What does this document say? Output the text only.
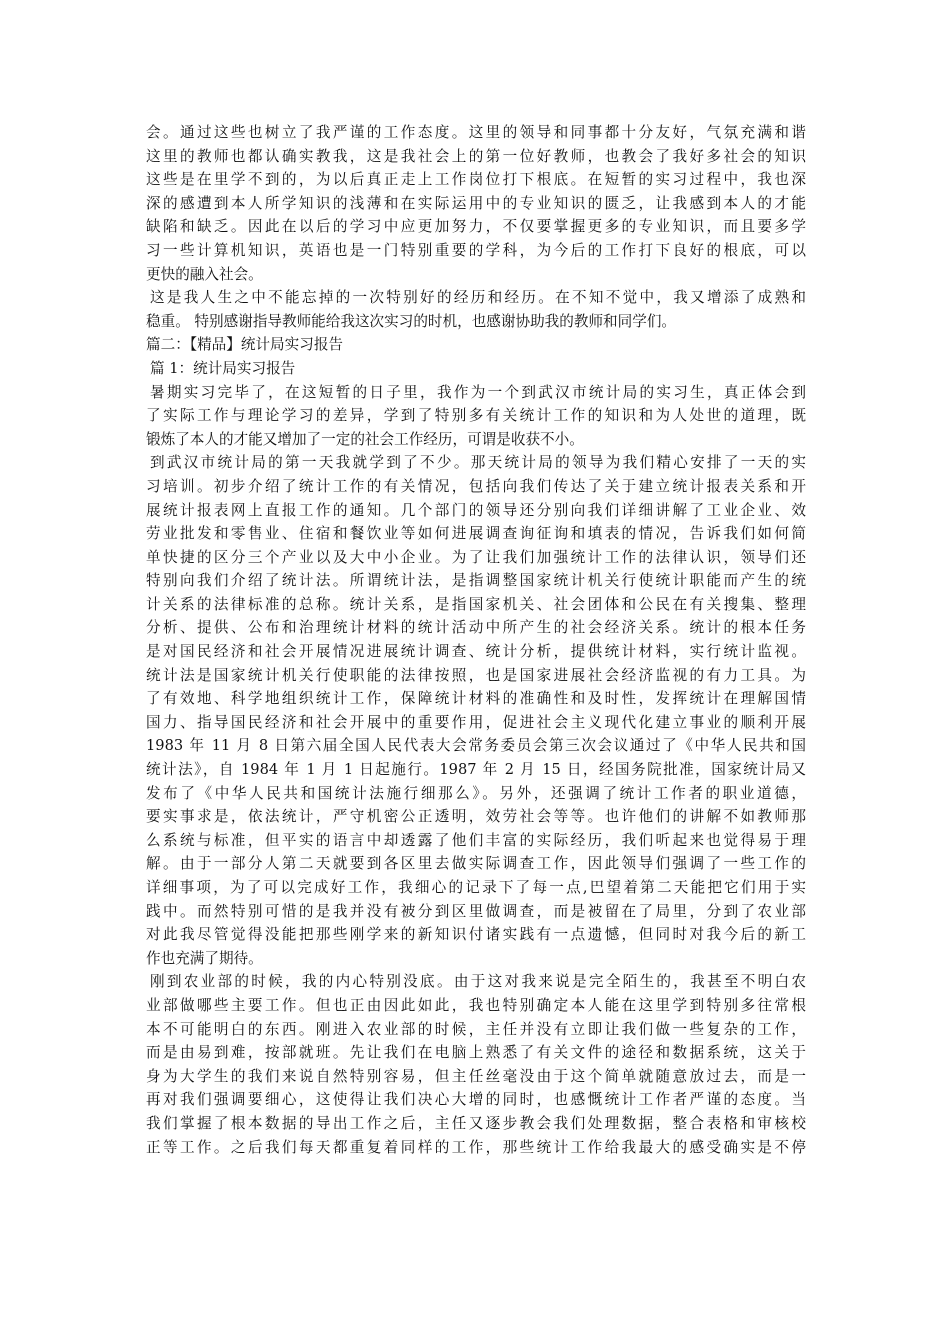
会。通过这些也树立了我严谨的工作态度。这里的领导和同事都十分友好，气氛充满和谐
这里的教师也都认确实教我，这是我社会上的第一位好教师，也教会了我好多社会的知识
这些是在里学不到的，为以后真正走上工作岗位打下根底。在短暂的实习过程中，我也深
深的感遭到本人所学知识的浅薄和在实际运用中的专业知识的匮乏，让我感到本人的才能
缺陷和缺乏。因此在以后的学习中应更加努力，不仅要掌握更多的专业知识，而且要多学
习一些计算机知识，英语也是一门特别重要的学科，为今后的工作打下良好的根底，可以
更快的融入社会。
这是我人生之中不能忘掉的一次特别好的经历和经历。在不知不觉中，我又增添了成熟和
稳重。 特别感谢指导教师能给我这次实习的时机，也感谢协助我的教师和同学们。
篇二：【精品】统计局实习报告
篇 1：统计局实习报告
暑期实习完毕了，在这短暂的日子里，我作为一个到武汉市统计局的实习生，真正体会到
了实际工作与理论学习的差异，学到了特别多有关统计工作的知识和为人处世的道理，既
锻炼了本人的才能又增加了一定的社会工作经历，可谓是收获不小。
到武汉市统计局的第一天我就学到了不少。那天统计局的领导为我们精心安排了一天的实
习培训。初步介绍了统计工作的有关情况，包括向我们传达了关于建立统计报表关系和开
展统计报表网上直报工作的通知。几个部门的领导还分别向我们详细讲解了工业企业、效
劳业批发和零售业、住宿和餐饮业等如何进展调查询征询和填表的情况，告诉我们如何简
单快捷的区分三个产业以及大中小企业。为了让我们加强统计工作的法律认识，领导们还
特别向我们介绍了统计法。所谓统计法，是指调整国家统计机关行使统计职能而产生的统
计关系的法律标准的总称。统计关系，是指国家机关、社会团体和公民在有关搜集、整理
分析、提供、公布和治理统计材料的统计活动中所产生的社会经济关系。统计的根本任务
是对国民经济和社会开展情况进展统计调查、统计分析，提供统计材料，实行统计监视。
统计法是国家统计机关行使职能的法律按照，也是国家进展社会经济监视的有力工具。为
了有效地、科学地组织统计工作，保障统计材料的准确性和及时性，发挥统计在理解国情
国力、指导国民经济和社会开展中的重要作用，促进社会主义现代化建立事业的顺利开展
1983 年 11 月 8 日第六届全国人民代表大会常务委员会第三次会议通过了《中华人民共和国
统计法》，自 1984 年 1 月 1 日起施行。1987 年 2 月 15 日，经国务院批准，国家统计局又
发布了《中华人民共和国统计法施行细那么》。另外，还强调了统计工作者的职业道德，
要实事求是，依法统计，严守机密公正透明，效劳社会等等。也许他们的讲解不如教师那
么系统与标准，但平实的语言中却透露了他们丰富的实际经历，我们听起来也觉得易于理
解。由于一部分人第二天就要到各区里去做实际调查工作，因此领导们强调了一些工作的
详细事项，为了可以完成好工作，我细心的记录下了每一点,巴望着第二天能把它们用于实
践中。而然特别可惜的是我并没有被分到区里做调查，而是被留在了局里，分到了农业部
对此我尽管觉得没能把那些刚学来的新知识付诸实践有一点遗憾，但同时对我今后的新工
作也充满了期待。
刚到农业部的时候，我的内心特别没底。由于这对我来说是完全陌生的，我甚至不明白农
业部做哪些主要工作。但也正由因此如此，我也特别确定本人能在这里学到特别多往常根
本不可能明白的东西。刚进入农业部的时候，主任并没有立即让我们做一些复杂的工作，
而是由易到难，按部就班。先让我们在电脑上熟悉了有关文件的途径和数据系统，这关于
身为大学生的我们来说自然特别容易，但主任丝毫没由于这个简单就随意放过去，而是一
再对我们强调要细心，这使得让我们决心大增的同时，也感慨统计工作者严谨的态度。当
我们掌握了根本数据的导出工作之后，主任又逐步教会我们处理数据，整合表格和审核校
正等工作。之后我们每天都重复着同样的工作，那些统计工作给我最大的感受确实是不停
